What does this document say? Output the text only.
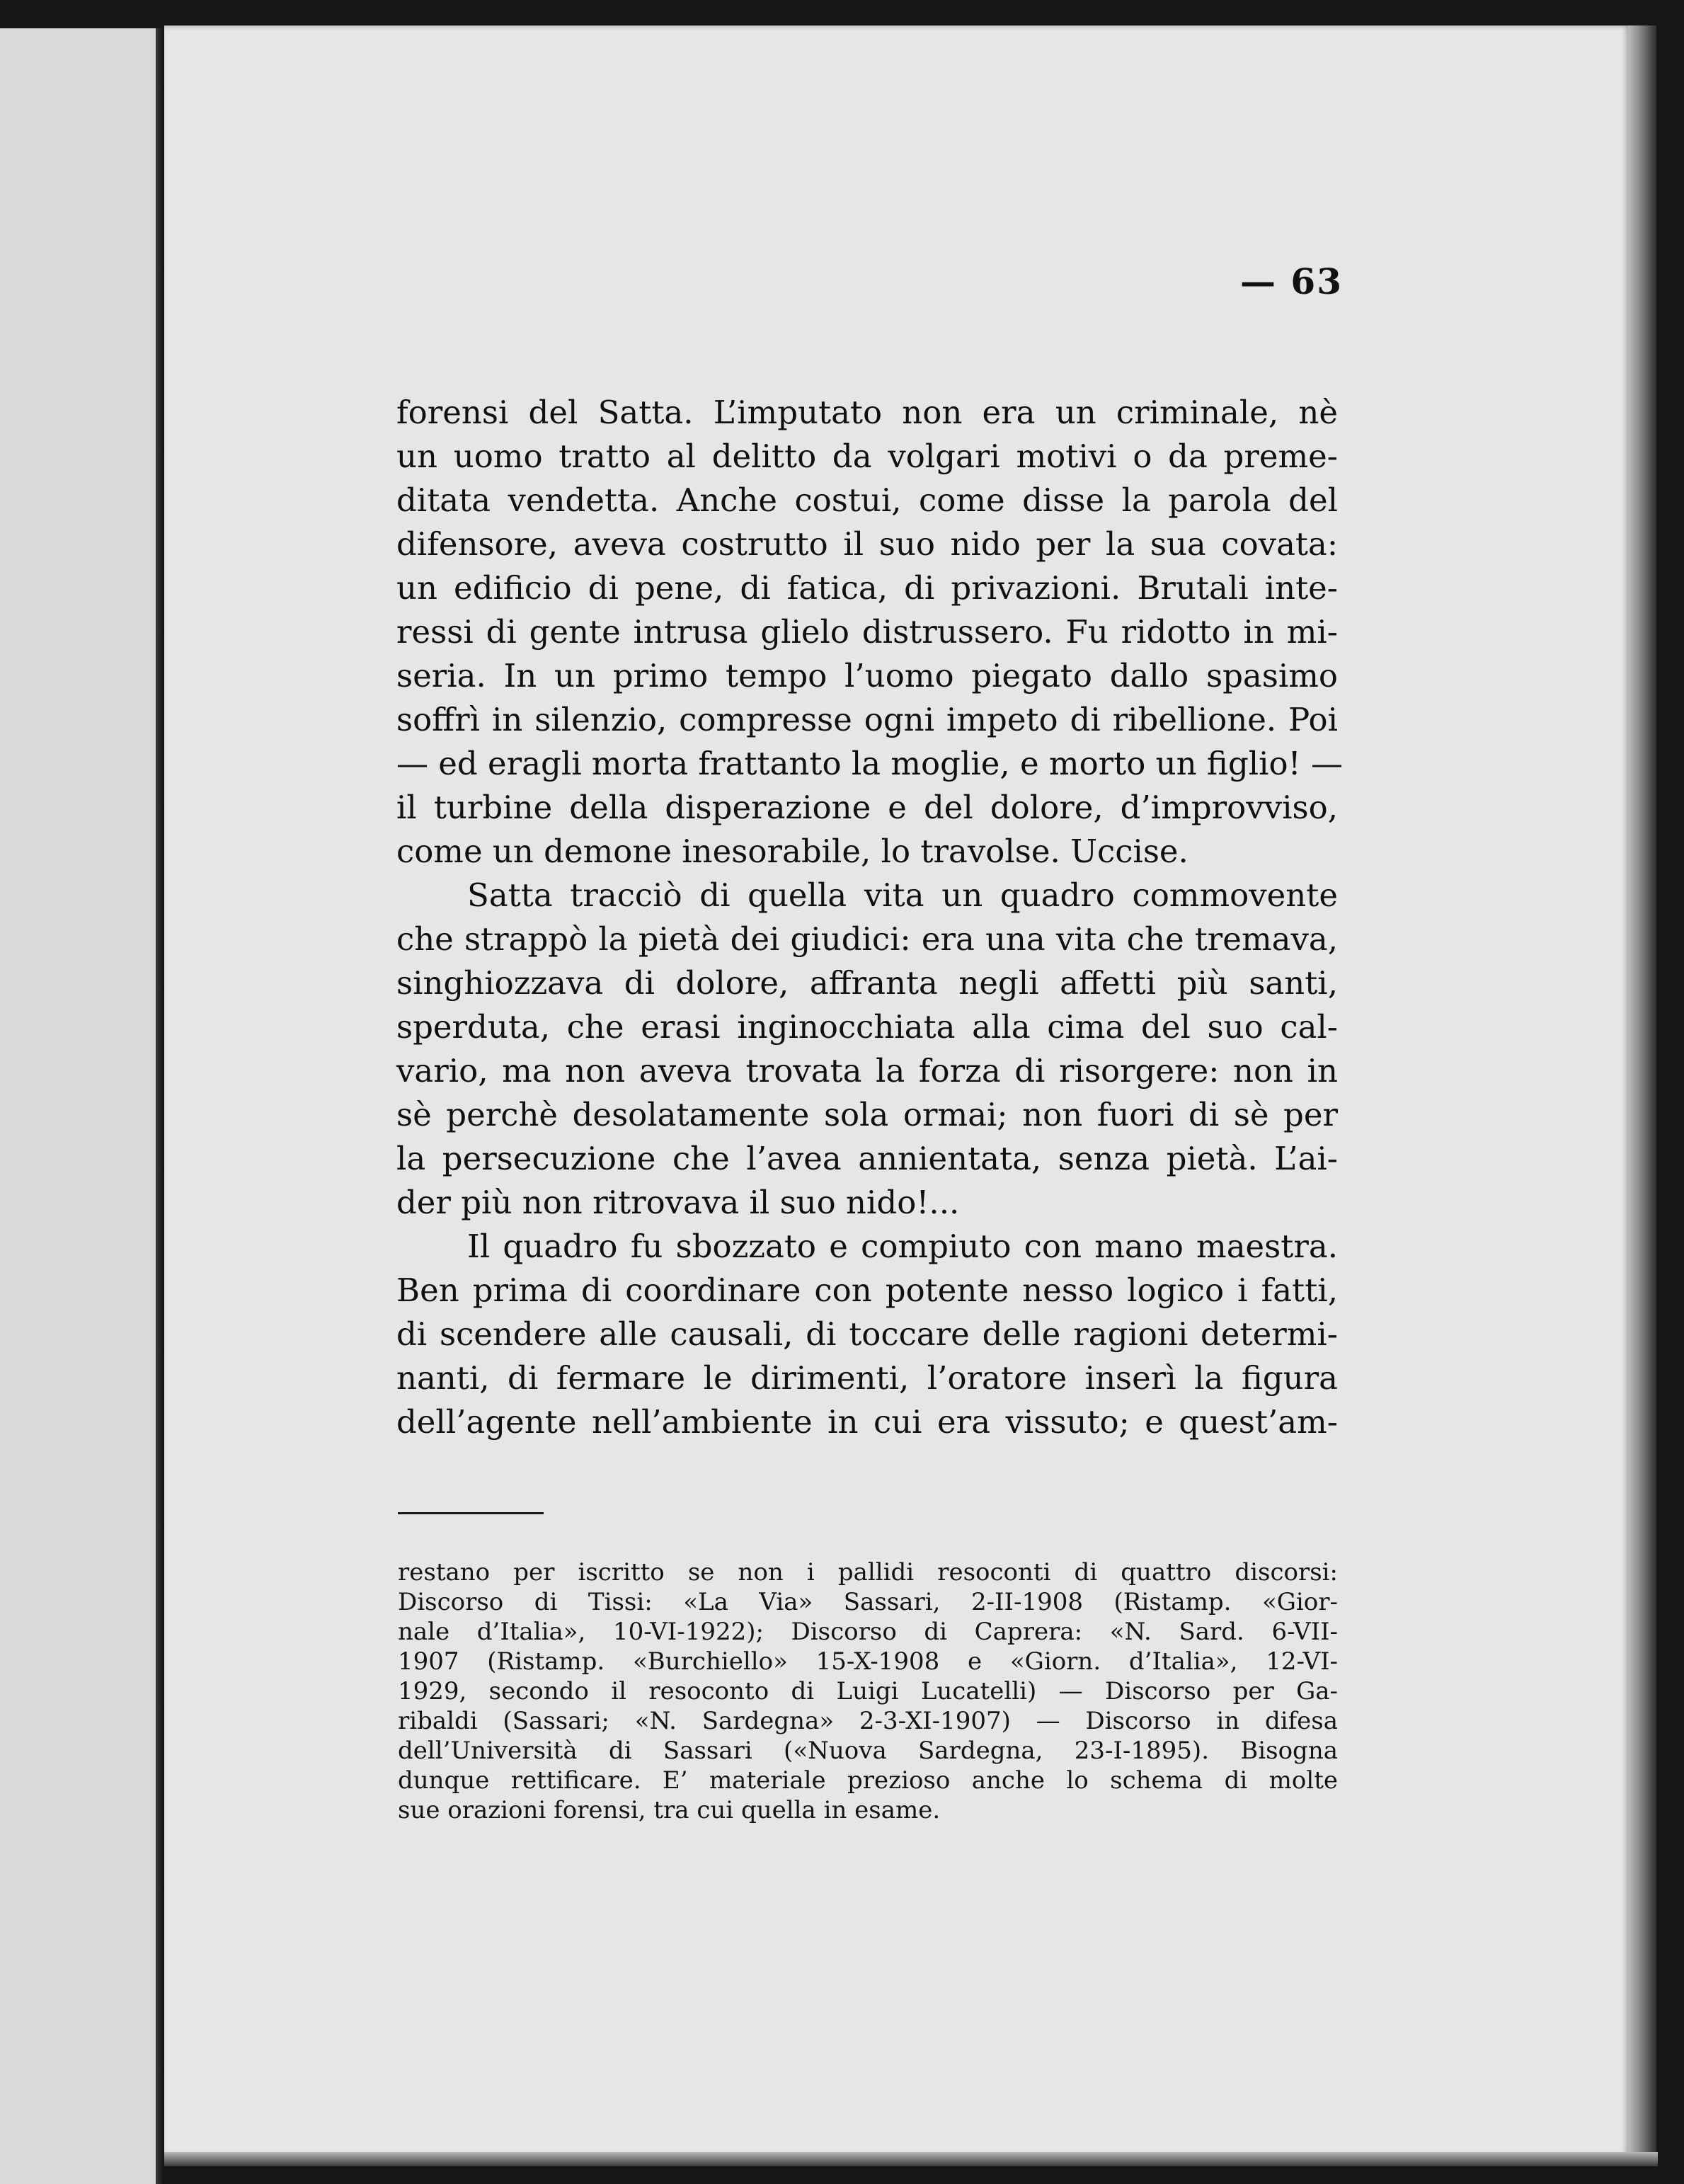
— 63
forensi del Satta. L’imputato non era un criminale, nè
un uomo tratto al delitto da volgari motivi o da preme-
ditata vendetta. Anche costui, come disse la parola del
difensore, aveva costrutto il suo nido per la sua covata:
un edificio di pene, di fatica, di privazioni. Brutali inte-
ressi di gente intrusa glielo distrussero. Fu ridotto in mi-
seria. In un primo tempo l’uomo piegato dallo spasimo
soffrì in silenzio, compresse ogni impeto di ribellione. Poi
— ed eragli morta frattanto la moglie, e morto un figlio! —
il turbine della disperazione e del dolore, d’improvviso,
come un demone inesorabile, lo travolse. Uccise.
Satta tracciò di quella vita un quadro commovente
che strappò la pietà dei giudici: era una vita che tremava,
singhiozzava di dolore, affranta negli affetti più santi,
sperduta, che erasi inginocchiata alla cima del suo cal-
vario, ma non aveva trovata la forza di risorgere: non in
sè perchè desolatamente sola ormai; non fuori di sè per
la persecuzione che l’avea annientata, senza pietà. L’ai-
der più non ritrovava il suo nido!...
Il quadro fu sbozzato e compiuto con mano maestra.
Ben prima di coordinare con potente nesso logico i fatti,
di scendere alle causali, di toccare delle ragioni determi-
nanti, di fermare le dirimenti, l’oratore inserì la figura
dell’agente nell’ambiente in cui era vissuto; e quest’am-
restano per iscritto se non i pallidi resoconti di quattro discorsi:
Discorso di Tissi: «La Via» Sassari, 2-II-1908 (Ristamp. «Gior-
nale d’Italia», 10-VI-1922); Discorso di Caprera: «N. Sard. 6-VII-
1907 (Ristamp. «Burchiello» 15-X-1908 e «Giorn. d’Italia», 12-VI-
1929, secondo il resoconto di Luigi Lucatelli) — Discorso per Ga-
ribaldi (Sassari; «N. Sardegna» 2-3-XI-1907) — Discorso in difesa
dell’Università di Sassari («Nuova Sardegna, 23-I-1895). Bisogna
dunque rettificare. E’ materiale prezioso anche lo schema di molte
sue orazioni forensi, tra cui quella in esame.
